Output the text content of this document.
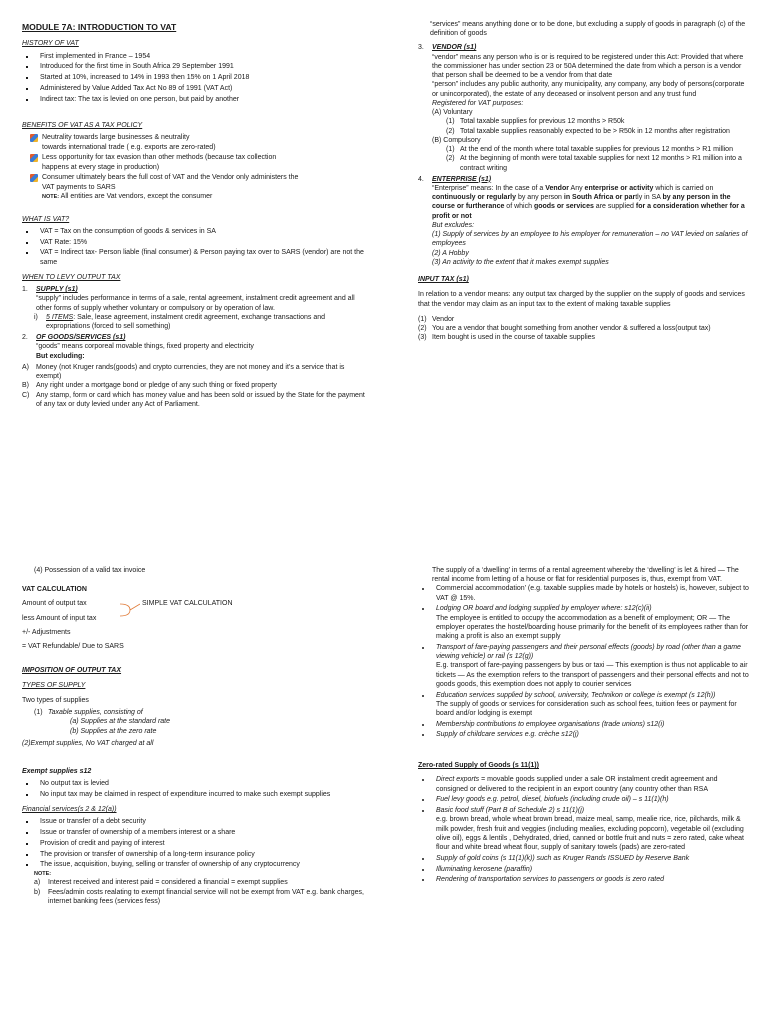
MODULE 7A: INTRODUCTION TO VAT
HISTORY OF VAT
▪ First implemented in France – 1954
▪ Introduced for the first time in South Africa 29 September 1991
▪ Started at 10%, increased to 14% in 1993 then 15% on 1 April 2018
▪ Administered by Value Added Tax Act No 89 of 1991 (VAT Act)
▪ Indirect tax: The tax is levied on one person, but paid by another
BENEFITS OF VAT AS A TAX POLICY
Neutrality towards large businesses & neutrality
towards international trade ( e.g. exports are zero-rated)
Less opportunity for tax evasion than other methods (because tax collection
happens at every stage in production)
Consumer ultimately bears the full cost of VAT and the Vendor only administers the
VAT payments to SARS
NOTE: All entities are Vat vendors, except the consumer
WHAT IS VAT?
▪ VAT = Tax on the consumption of goods & services in SA
▪ VAT Rate: 15%
▪ VAT = Indirect tax- Person liable (final consumer) & Person paying tax over to SARS (vendor) are not the same
WHEN TO LEVY OUTPUT TAX
1.	SUPPLY (s1)
“supply” includes performance in terms of a sale, rental agreement, instalment credit agreement and all other forms of supply whether voluntary or compulsory or by operation of law.
i)	5 ITEMS: Sale, lease agreement, instalment credit agreement, exchange transactions and expropriations (forced to sell something)
2.	OF GOODS/SERVICES (s1)
“goods” means corporeal movable things, fixed property and electricity
But excluding:
A)	Money (not Kruger rands(goods) and crypto currencies, they are not money and it’s a service that is exempt)
B)	Any right under a mortgage bond or pledge of any such thing or fixed property
C) Any stamp, form or card which has money value and has been sold or issued by the State for the payment of any tax or duty levied under any Act of Parliament.
“services” means anything done or to be done, but excluding a supply of goods in paragraph (c) of the definition of goods
3.	VENDOR (s1)
“vendor” means any person who is or is required to be registered under this Act: Provided that where the commissioner has under section 23 or 50A determined the date from which a person is a vendor that person shall be deemed to be a vendor from that date
“person” includes any public authority, any municipality, any company, any body of persons(corporate or unincorporated), the estate of any deceased or insolvent person and any trust fund
Registered for VAT purposes:
(A) Voluntary
(1) Total taxable supplies for previous 12 months > R50k
(2) Total taxable supplies reasonably expected to be > R50k in 12 months after registration
(B) Compulsory
(1) At the end of the month where total taxable supplies for previous 12 months > R1 million
(2) At the beginning of month were total taxable supplies for next 12 months > R1 million into a contract writing
4.	ENTERPRISE (s1)
“Enterprise” means: In the case of a Vendor Any enterprise or activity which is carried on continuously or regularly by any person in South Africa or partly in SA by any person in the course or furtherance of which goods or services are supplied for a consideration whether for a profit or not
But excludes:
(1) Supply of services by an employee to his employer for remuneration – no VAT levied on salaries of employees
(2) A Hobby
(3) An activity to the extent that it makes exempt supplies
INPUT TAX (s1)
In relation to a vendor means: any output tax charged by the supplier on the supply of goods and services that the vendor may claim as an input tax to the extent of making taxable supplies
(1) Vendor
(2) You are a vendor that bought something from another vendor & suffered a loss(output tax)
(3) Item bought is used in the course of taxable supplies
(4) Possession of a valid tax invoice
VAT CALCULATION
Amount of output tax
less Amount of input tax
SIMPLE VAT CALCULATION
+/- Adjustments
= VAT Refundable/ Due to SARS
IMPOSITION OF OUTPUT TAX
TYPES OF SUPPLY
Two types of supplies
(1) Taxable supplies, consisting of
(a) Supplies at the standard rate
(b) Supplies at the zero rate
(2)Exempt supplies, No VAT charged at all
Exempt supplies s12
▪ No output tax is levied
▪ No input tax may be claimed in respect of expenditure incurred to make such exempt supplies
Financial services(s 2 & 12(a))
▪ Issue or transfer of a debt security
▪ Issue or transfer of ownership of a members interest or a share
▪ Provision of credit and paying of interest
▪ The provision or transfer of ownership of a long-term insurance policy
▪ The issue, acquisition, buying, selling or transfer of ownership of any cryptocurrency
NOTE:
a)	Interest received and interest paid = considered a financial = exempt supplies
b)	Fees/admin costs realating to exempt financial service will not be exempt from VAT e.g. bank charges, internet banking fees (services fess)
The supply of a ‘dwelling’ in terms of a rental agreement whereby the ‘dwelling’ is let & hired — The rental income from letting of a house or flat for residential purposes is, thus, exempt from VAT.
• Commercial accommodation’ (e.g. taxable supplies made by hotels or hostels) is, however, subject to VAT @ 15%.
• Lodging OR board and lodging supplied by employer where: s12(c)(ii)
The employee is entitled to occupy the accommodation as a benefit of employment; OR — The employer operates the hostel/boarding house primarily for the benefit of its employees rather than for making a profit is also an exempt supply
• Transport of fare-paying passengers and their personal effects (goods) by road (other than a game viewing vehicle) or rail (s 12(g))
E.g. transport of fare-paying passengers by bus or taxi — This exemption is thus not applicable to air tickets — As the exemption refers to the transport of passengers and their personal effects and not to goods goods, this exemption does not apply to courier services
• Education services supplied by school, university, Technikon or college is exempt (s 12(h))
The supply of goods or services for consideration such as school fees, tuition fees or payment for board and/or lodging is exempt
• Membership contributions to employee organisations (trade unions) s12(i)
• Supply of childcare services e.g. crèche s12(j)
Zero-rated Supply of Goods (s 11(1))
• Direct exports = movable goods supplied under a sale OR instalment credit agreement and consigned or delivered to the recipient in an export country (any country other than RSA
• Fuel levy goods e.g. petrol, diesel, biofuels (including crude oil) – s 11(1)(h)
• Basic food stuff (Part B of Schedule 2) s 11(1)(j)
e.g. brown bread, whole wheat brown bread, maize meal, samp, mealie rice, rice, pilchards, milk & milk powder, fresh fruit and veggies (including mealies, excluding popcorn), vegetable oil (excluding olive oil), eggs & lentils , Dehydrated, dried, canned or bottle fruit and nuts = zero rated, cake wheat flour and white bread wheat flour, supply of sanitary towels (pads) are zero-rated
• Supply of gold coins (s 11(1)(k)) such as Kruger Rands ISSUED by Reserve Bank
• Illuminating kerosene (paraffin)
• Rendering of transportation services to passengers or goods is zero rated
